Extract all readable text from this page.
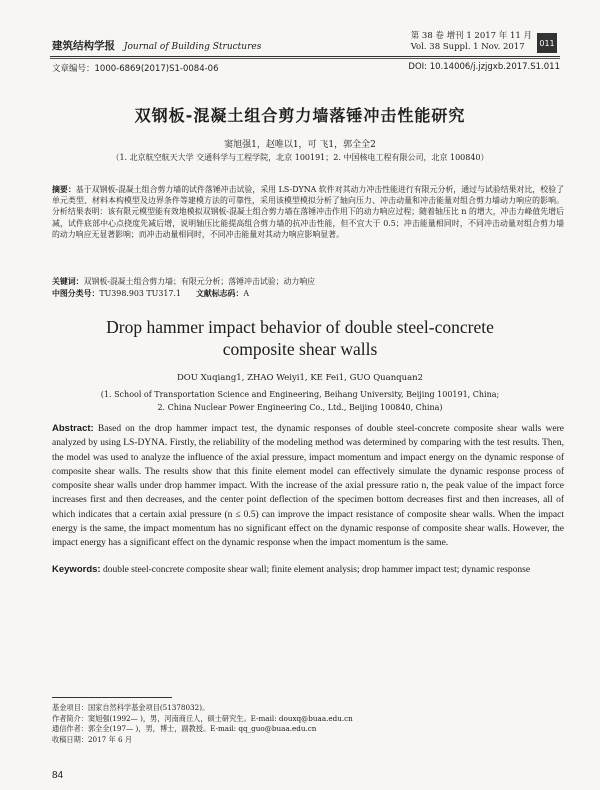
建筑结构学报 Journal of Building Structures
第 38 卷 增刊 1 2017 年 11 月
Vol. 38 Suppl. 1 Nov. 2017	011
文章编号：1000-6869(2017)S1-0084-06	DOI: 10.14006/j.jzjgxb.2017.S1.011
双钢板-混凝土组合剪力墙落锤冲击性能研究
窦旭强1，赵唯以1，可 飞1，郭全全2
（1. 北京航空航天大学 交通科学与工程学院，北京 100191；2. 中国核电工程有限公司，北京 100840）
摘要：基于双钢板-混凝土组合剪力墙的试件落锤冲击试验，采用 LS-DYNA 软件对其动力冲击性能进行有限元分析，通过与试验结果对比，校验了单元类型、材料本构模型及边界条件等建模方法的可靠性，采用该模型模拟分析了轴向压力、冲击动量和冲击能量对组合剪力墙动力响应的影响。分析结果表明：该有限元模型能有效地模拟双钢板-混凝土组合剪力墙在落锤冲击作用下的动力响应过程；随着轴压比 n 的增大，冲击力峰值先增后减，试件底部中心点挠度先减后增，说明轴压比能提高组合剪力墙的抗冲击性能，但不宜大于 0.5；冲击能量相同时，不同冲击动量对组合剪力墙的动力响应无显著影响；而冲击动量相同时，不同冲击能量对其动力响应影响显著。
关键词：双钢板-混凝土组合剪力墙；有限元分析；落锤冲击试验；动力响应
中图分类号：TU398.903 TU317.1 文献标志码：A
Drop hammer impact behavior of double steel-concrete
composite shear walls
DOU Xuqiang1, ZHAO Weiyi1, KE Fei1, GUO Quanquan2
(1. School of Transportation Science and Engineering, Beihang University, Beijing 100191, China;
2. China Nuclear Power Engineering Co., Ltd., Beijing 100840, China)
Abstract: Based on the drop hammer impact test, the dynamic responses of double steel-concrete composite shear walls were analyzed by using LS-DYNA. Firstly, the reliability of the modeling method was determined by comparing with the test results. Then, the model was used to analyze the influence of the axial pressure, impact momentum and impact energy on the dynamic response of composite shear walls. The results show that this finite element model can effectively simulate the dynamic response process of composite shear walls under drop hammer impact. With the increase of the axial pressure ratio n, the peak value of the impact force increases first and then decreases, and the center point deflection of the specimen bottom decreases first and then increases, all of which indicates that a certain axial pressure (n ≤ 0.5) can improve the impact resistance of composite shear walls. When the impact energy is the same, the impact momentum has no significant effect on the dynamic response of composite shear walls. However, the impact energy has a significant effect on the dynamic response when the impact momentum is the same.
Keywords: double steel-concrete composite shear wall; finite element analysis; drop hammer impact test; dynamic response
基金项目：国家自然科学基金项目(51378032)。
作者简介：窦旭强(1992— )，男，河南商丘人，硕士研究生。E-mail: douxq@buaa.edu.cn
通信作者：郭全全(197— )，男，博士，副教授。E-mail: qq_guo@buaa.edu.cn
收稿日期：2017 年 6 月
84
